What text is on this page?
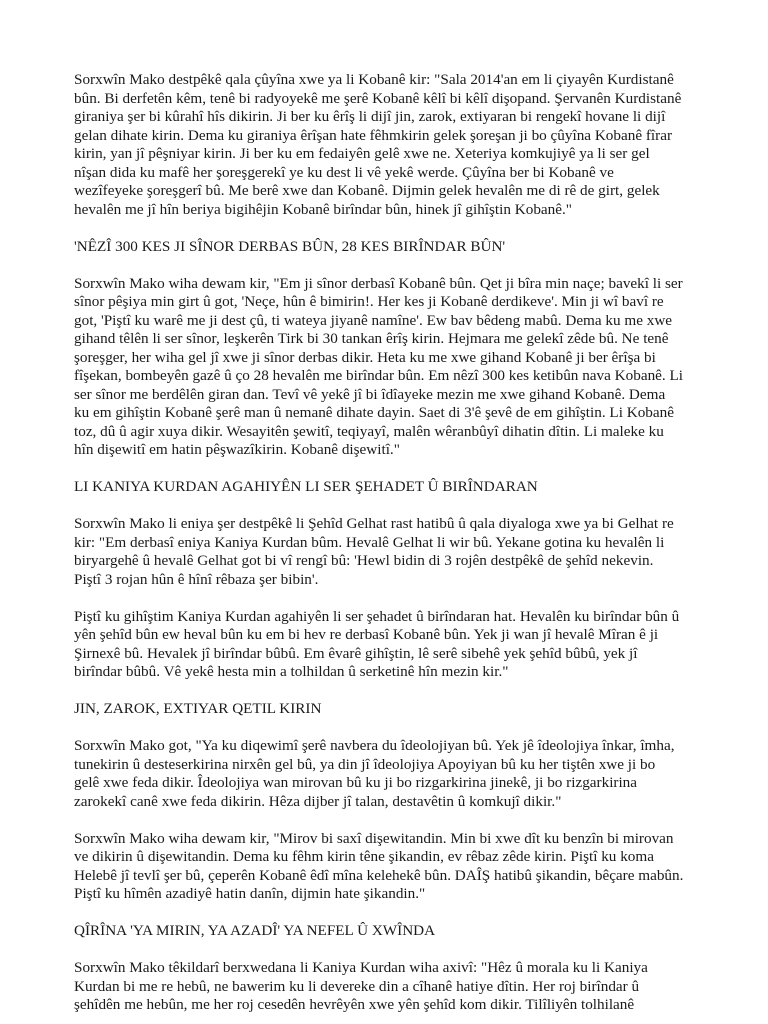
Sorxwîn Mako destpêkê qala çûyîna xwe ya li Kobanê kir: "Sala 2014'an em li çiyayên Kurdistanê
bûn. Bi derfetên kêm, tenê bi radyoyekê me şerê Kobanê kêlî bi kêlî dişopand. Şervanên Kurdistanê
giraniya şer bi kûrahî hîs dikirin. Ji ber ku êrîş li dijî jin, zarok, extiyaran bi rengekî hovane li dijî
gelan dihate kirin. Dema ku giraniya êrîşan hate fêhmkirin gelek şoreşan ji bo çûyîna Kobanê fîrar
kirin, yan jî pêşniyar kirin. Ji ber ku em fedaiyên gelê xwe ne. Xeteriya komkujiyê ya li ser gel
nîşan dida ku mafê her şoreşgerekî ye ku dest li vê yekê werde. Çûyîna ber bi Kobanê ve
wezîfeyeke şoreşgerî bû. Me berê xwe dan Kobanê. Dijmin gelek hevalên me di rê de girt, gelek
hevalên me jî hîn beriya bigihêjin Kobanê birîndar bûn, hinek jî gihîştin Kobanê."

'NÊZÎ 300 KES JI SÎNOR DERBAS BÛN, 28 KES BIRÎNDAR BÛN'

Sorxwîn Mako wiha dewam kir, "Em ji sînor derbasî Kobanê bûn. Qet ji bîra min naçe; bavekî li ser
sînor pêşiya min girt û got, 'Neçe, hûn ê bimirin!. Her kes ji Kobanê derdikeve'. Min ji wî bavî re
got, 'Piştî ku warê me ji dest çû, ti wateya jiyanê namîne'. Ew bav bêdeng mabû. Dema ku me xwe
gihand têlên li ser sînor, leşkerên Tirk bi 30 tankan êrîş kirin. Hejmara me gelekî zêde bû. Ne tenê
şoreşger, her wiha gel jî xwe ji sînor derbas dikir. Heta ku me xwe gihand Kobanê ji ber êrîşa bi
fîşekan, bombeyên gazê û ço 28 hevalên me birîndar bûn. Em nêzî 300 kes ketibûn nava Kobanê. Li
ser sînor me berdêlên giran dan. Tevî vê yekê jî bi îdîayeke mezin me xwe gihand Kobanê. Dema
ku em gihîştin Kobanê şerê man û nemanê dihate dayin. Saet di 3'ê şevê de em gihîştin. Li Kobanê
toz, dû û agir xuya dikir. Wesayitên şewitî, teqiyayî, malên wêranbûyî dihatin dîtin. Li maleke ku
hîn dişewitî em hatin pêşwazîkirin. Kobanê dişewitî."

LI KANIYA KURDAN AGAHIYÊN LI SER ŞEHADET Û BIRÎNDARAN

Sorxwîn Mako li eniya şer destpêkê li Şehîd Gelhat rast hatibû û qala diyaloga xwe ya bi Gelhat re
kir: "Em derbasî eniya Kaniya Kurdan bûm. Hevalê Gelhat li wir bû. Yekane gotina ku hevalên li
biryargehê û hevalê Gelhat got bi vî rengî bû: 'Hewl bidin di 3 rojên destpêkê de şehîd nekevin.
Piştî 3 rojan hûn ê hînî rêbaza şer bibin'.

Piştî ku gihîştim Kaniya Kurdan agahiyên li ser şehadet û birîndaran hat. Hevalên ku birîndar bûn û
yên şehîd bûn ew heval bûn ku em bi hev re derbasî Kobanê bûn. Yek ji wan jî hevalê Mîran ê ji
Şirnexê bû. Hevalek jî birîndar bûbû. Em êvarê gihîştin, lê serê sibehê yek şehîd bûbû, yek jî
birîndar bûbû. Vê yekê hesta min a tolhildan û serketinê hîn mezin kir."

JIN, ZAROK, EXTIYAR QETIL KIRIN

Sorxwîn Mako got, "Ya ku diqewimî şerê navbera du îdeolojiyan bû. Yek jê îdeolojiya înkar, îmha,
tunekirin û desteserkirina nirxên gel bû, ya din jî îdeolojiya Apoyiyan bû ku her tiştên xwe ji bo
gelê xwe feda dikir. Îdeolojiya wan mirovan bû ku ji bo rizgarkirina jinekê, ji bo rizgarkirina
zarokekî canê xwe feda dikirin. Hêza dijber jî talan, destavêtin û komkujî dikir."

Sorxwîn Mako wiha dewam kir, "Mirov bi saxî dişewitandin. Min bi xwe dît ku benzîn bi mirovan
ve dikirin û dişewitandin. Dema ku fêhm kirin têne şikandin, ev rêbaz zêde kirin. Piştî ku koma
Helebê jî tevlî şer bû, çeperên Kobanê êdî mîna kelehekê bûn. DAÎŞ hatibû şikandin, bêçare mabûn.
Piştî ku hîmên azadiyê hatin danîn, dijmin hate şikandin."

QÎRÎNA 'YA MIRIN, YA AZADÎ' YA NEFEL Û XWÎNDA

Sorxwîn Mako têkildarî berxwedana li Kaniya Kurdan wiha axivî: "Hêz û morala ku li Kaniya
Kurdan bi me re hebû, ne bawerim ku li devereke din a cîhanê hatiye dîtin. Her roj birîndar û
şehîdên me hebûn, me her roj cesedên hevrêyên xwe yên şehîd kom dikir. Tilîliyên tolhilanê
